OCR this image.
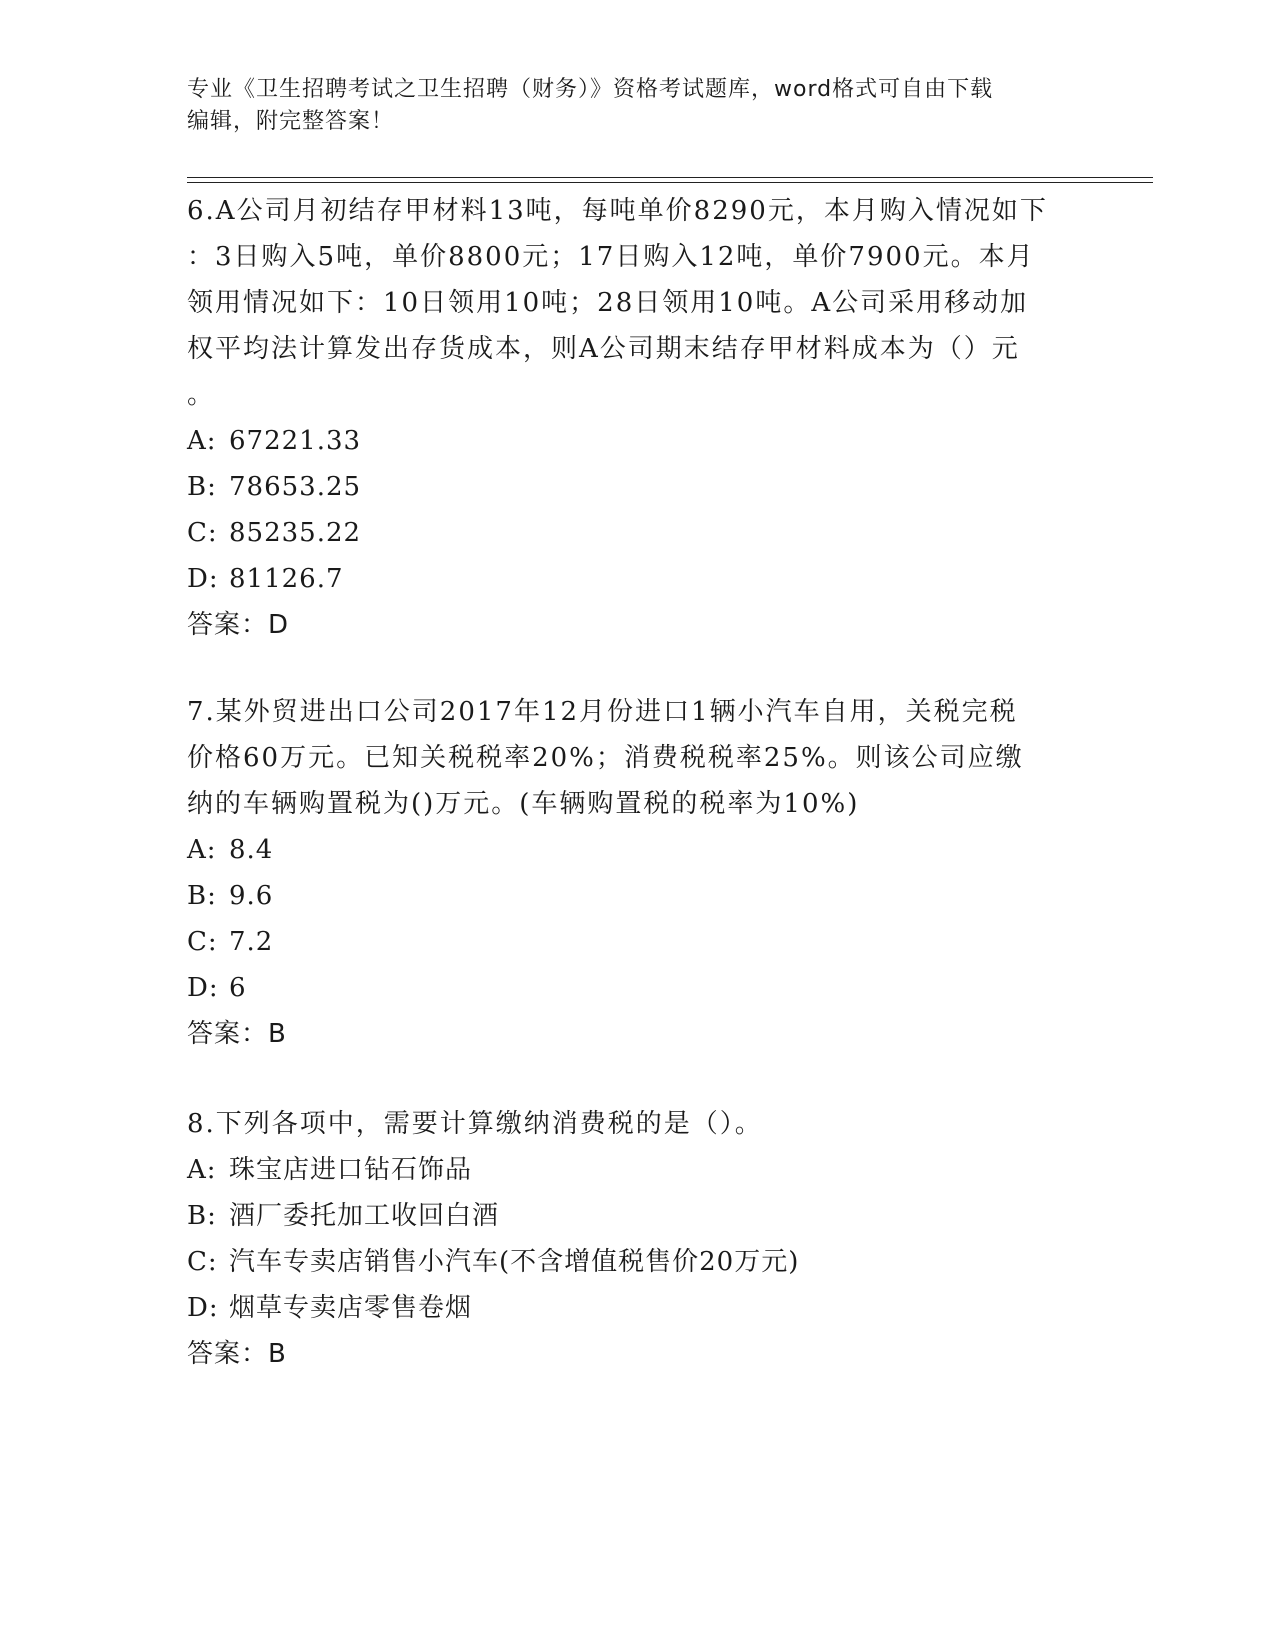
专业《卫生招聘考试之卫生招聘（财务）》资格考试题库，word格式可自由下载
编辑，附完整答案！
6.A公司月初结存甲材料13吨，每吨单价8290元，本月购入情况如下
：3日购入5吨，单价8800元；17日购入12吨，单价7900元。本月
领用情况如下：10日领用10吨；28日领用10吨。A公司采用移动加
权平均法计算发出存货成本，则A公司期末结存甲材料成本为（）元
。
A: 67221.33
B: 78653.25
C: 85235.22
D: 81126.7
答案：D
7.某外贸进出口公司2017年12月份进口1辆小汽车自用，关税完税
价格60万元。已知关税税率20%；消费税税率25%。则该公司应缴
纳的车辆购置税为()万元。(车辆购置税的税率为10%)
A: 8.4
B: 9.6
C: 7.2
D: 6
答案：B
8.下列各项中，需要计算缴纳消费税的是（）。
A: 珠宝店进口钻石饰品
B: 酒厂委托加工收回白酒
C: 汽车专卖店销售小汽车(不含增值税售价20万元)
D: 烟草专卖店零售卷烟
答案：B
